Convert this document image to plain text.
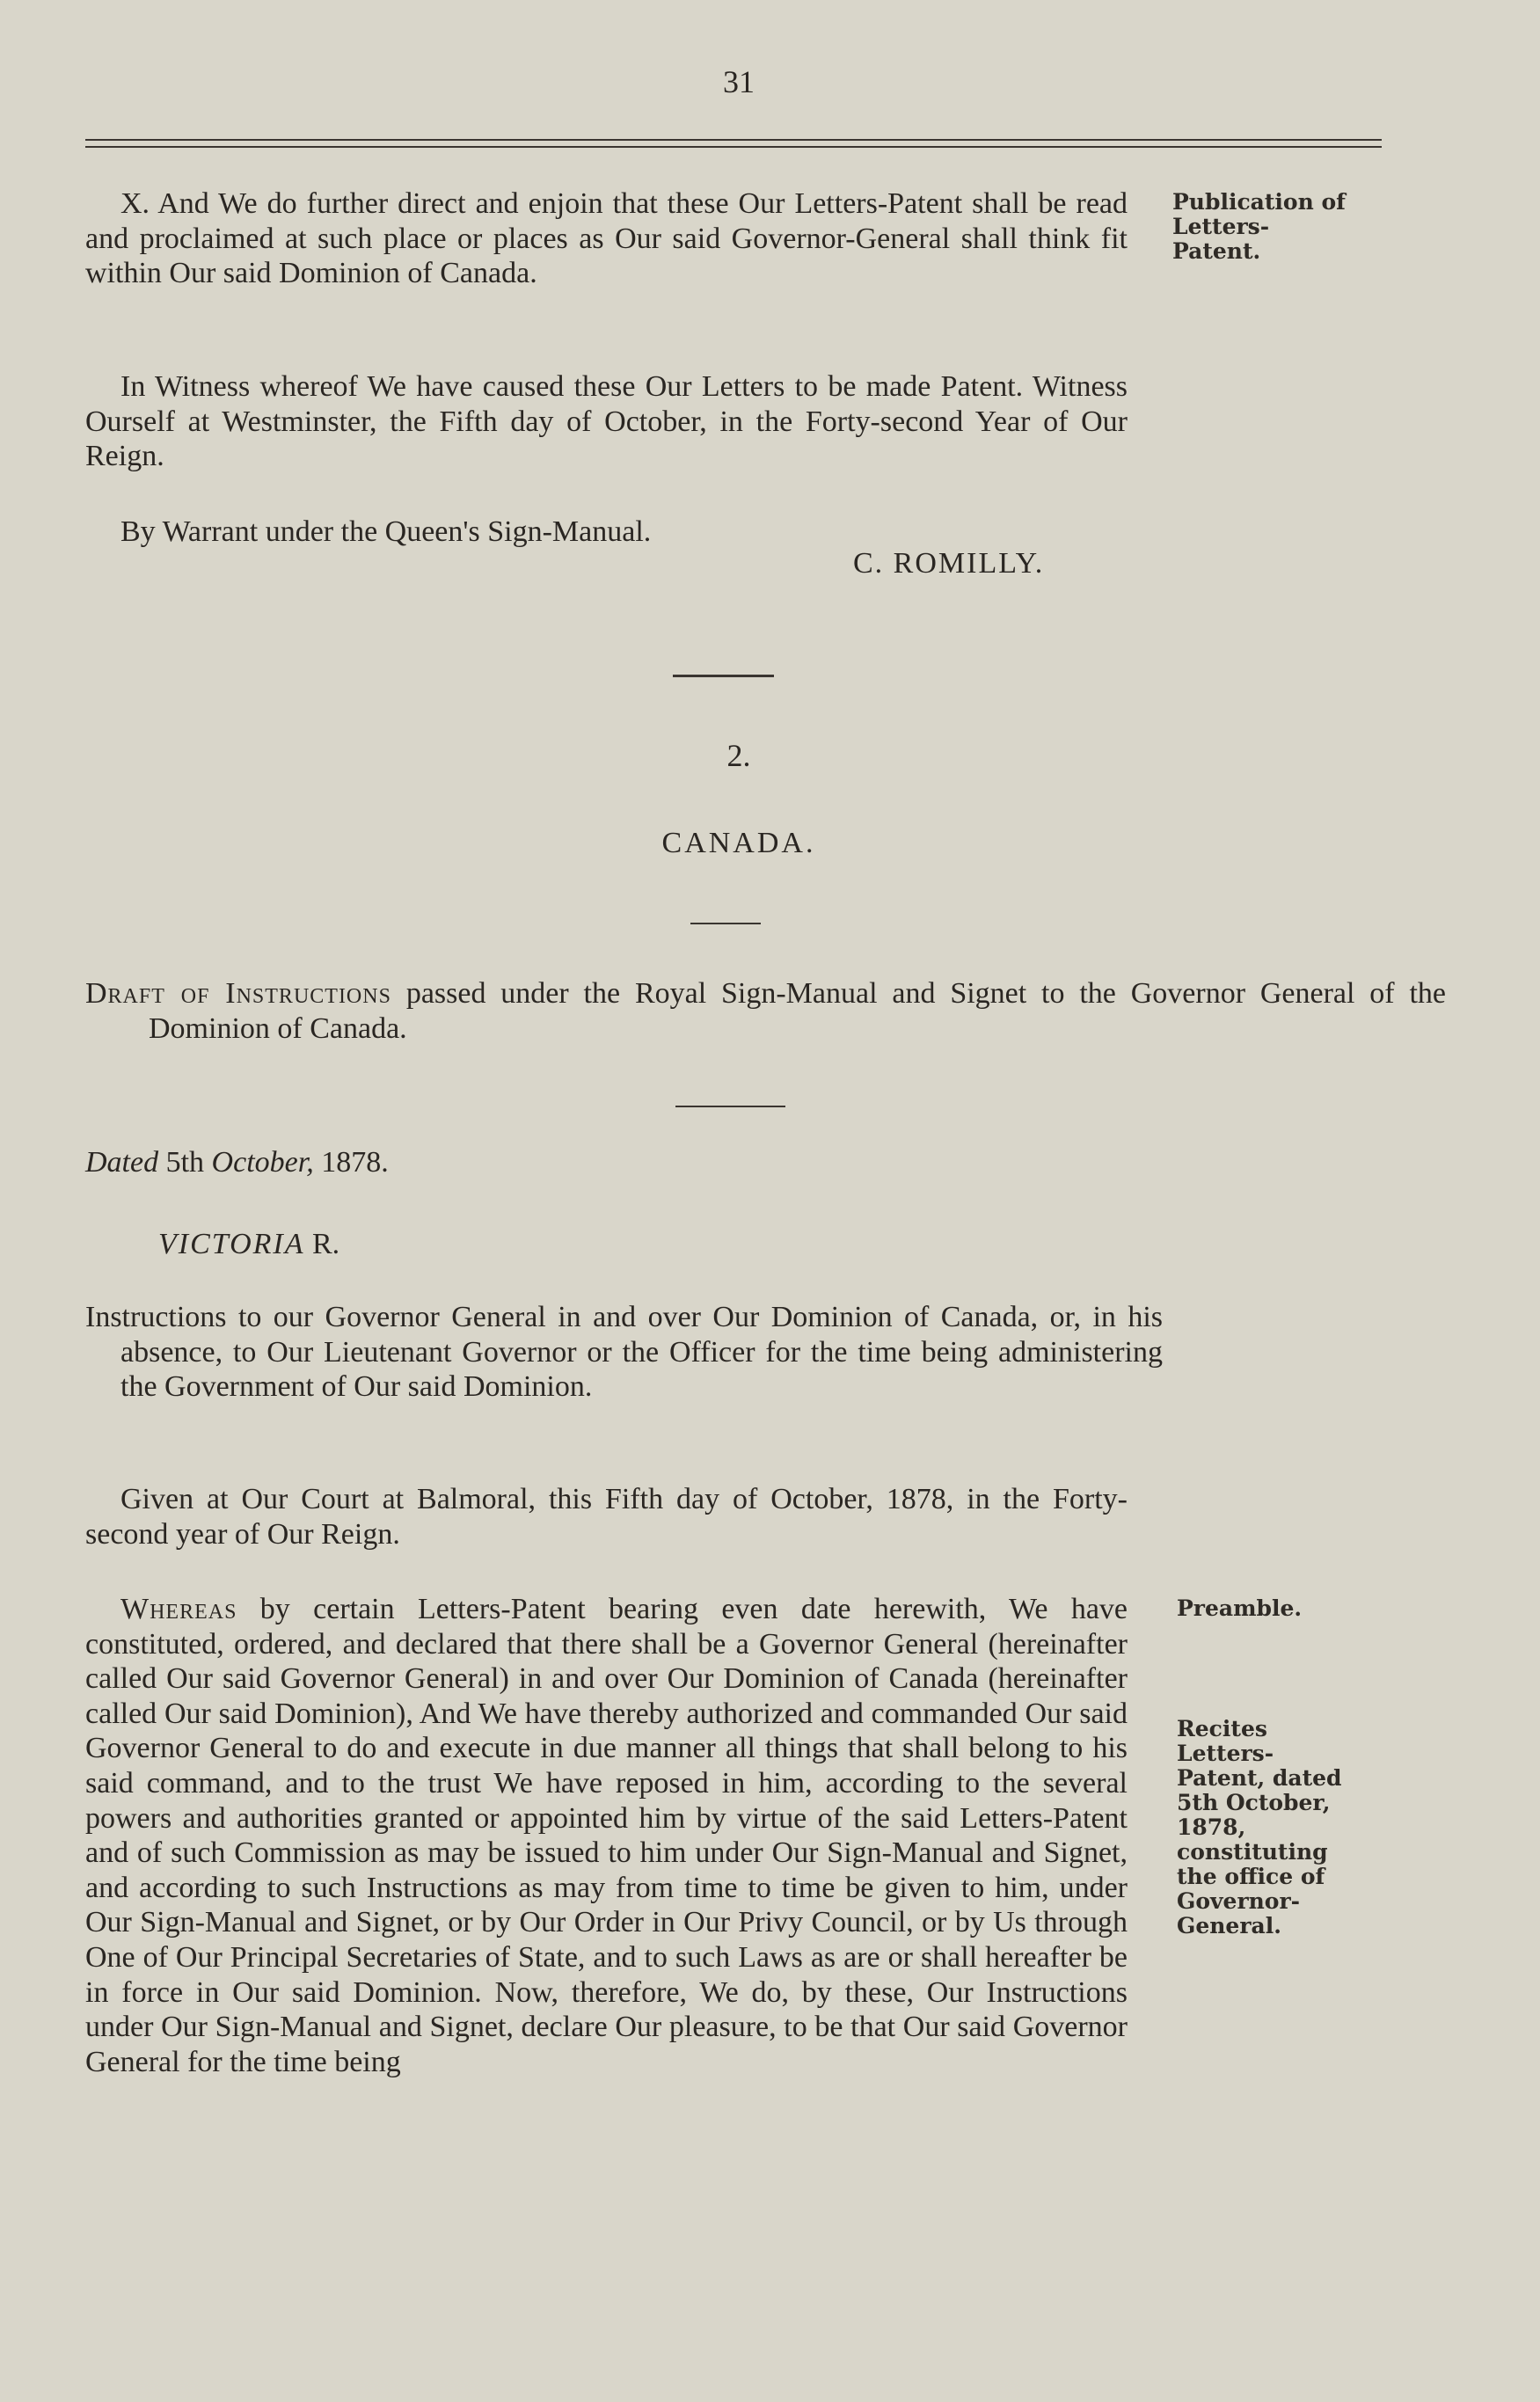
31
X. And We do further direct and enjoin that these Our Letters-Patent shall be read and proclaimed at such place or places as Our said Governor-General shall think fit within Our said Dominion of Canada.
Publication of Letters-Patent.
In Witness whereof We have caused these Our Letters to be made Patent. Witness Ourself at Westminster, the Fifth day of October, in the Forty-second Year of Our Reign.
By Warrant under the Queen's Sign-Manual.
C. ROMILLY.
2.
CANADA.
Draft of Instructions passed under the Royal Sign-Manual and Signet to the Governor General of the Dominion of Canada.
Dated 5th October, 1878.
VICTORIA R.
Instructions to our Governor General in and over Our Dominion of Canada, or, in his absence, to Our Lieutenant Governor or the Officer for the time being administering the Government of Our said Dominion.
Given at Our Court at Balmoral, this Fifth day of October, 1878, in the Forty-second year of Our Reign.
Whereas by certain Letters-Patent bearing even date herewith, We have constituted, ordered, and declared that there shall be a Governor General (hereinafter called Our said Governor General) in and over Our Dominion of Canada (hereinafter called Our said Dominion), And We have thereby authorized and commanded Our said Governor General to do and execute in due manner all things that shall belong to his said command, and to the trust We have reposed in him, according to the several powers and authorities granted or appointed him by virtue of the said Letters-Patent and of such Commission as may be issued to him under Our Sign-Manual and Signet, and according to such Instructions as may from time to time be given to him, under Our Sign-Manual and Signet, or by Our Order in Our Privy Council, or by Us through One of Our Principal Secretaries of State, and to such Laws as are or shall hereafter be in force in Our said Dominion. Now, therefore, We do, by these, Our Instructions under Our Sign-Manual and Signet, declare Our pleasure, to be that Our said Governor General for the time being
Preamble.
Recites Letters-Patent, dated 5th October, 1878, constituting the office of Governor-General.
